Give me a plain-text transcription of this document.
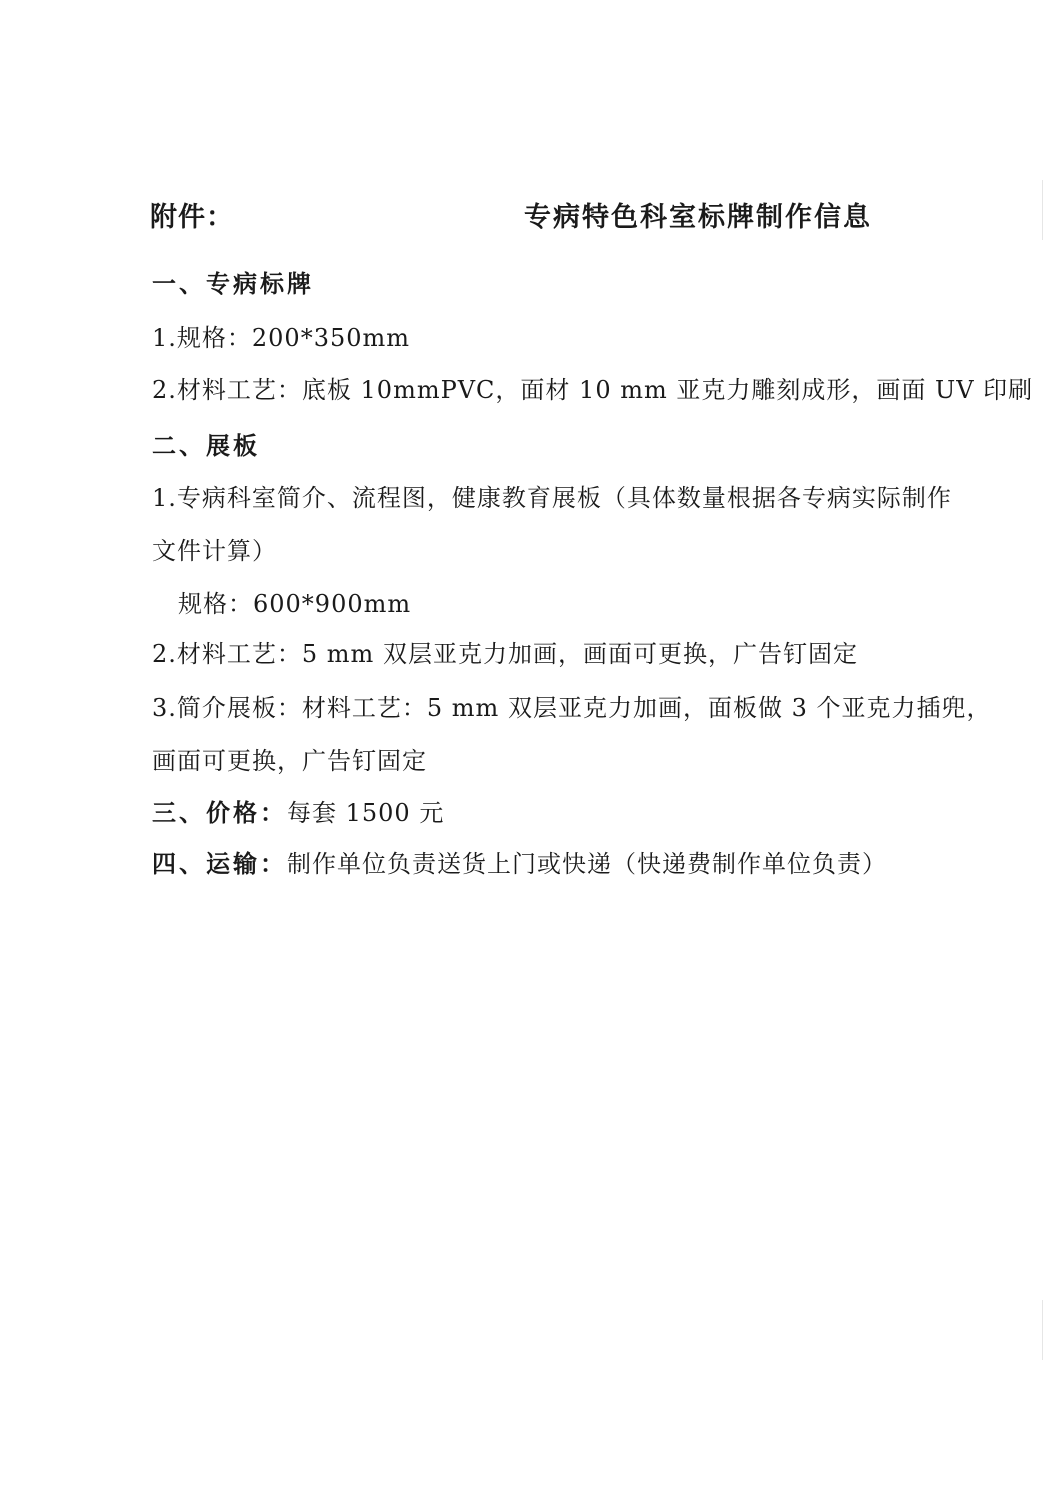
附件：	专病特色科室标牌制作信息
一、专病标牌
1.规格：200*350mm
2.材料工艺：底板 10mmPVC，面材 10 mm 亚克力雕刻成形，画面 UV 印刷
二、展板
1.专病科室简介、流程图，健康教育展板（具体数量根据各专病实际制作
文件计算）
规格：600*900mm
2.材料工艺：5 mm 双层亚克力加画，画面可更换，广告钉固定
3.简介展板：材料工艺：5 mm 双层亚克力加画，面板做 3 个亚克力插兜，
画面可更换，广告钉固定
三、价格：每套 1500 元
四、运输：制作单位负责送货上门或快递（快递费制作单位负责）
